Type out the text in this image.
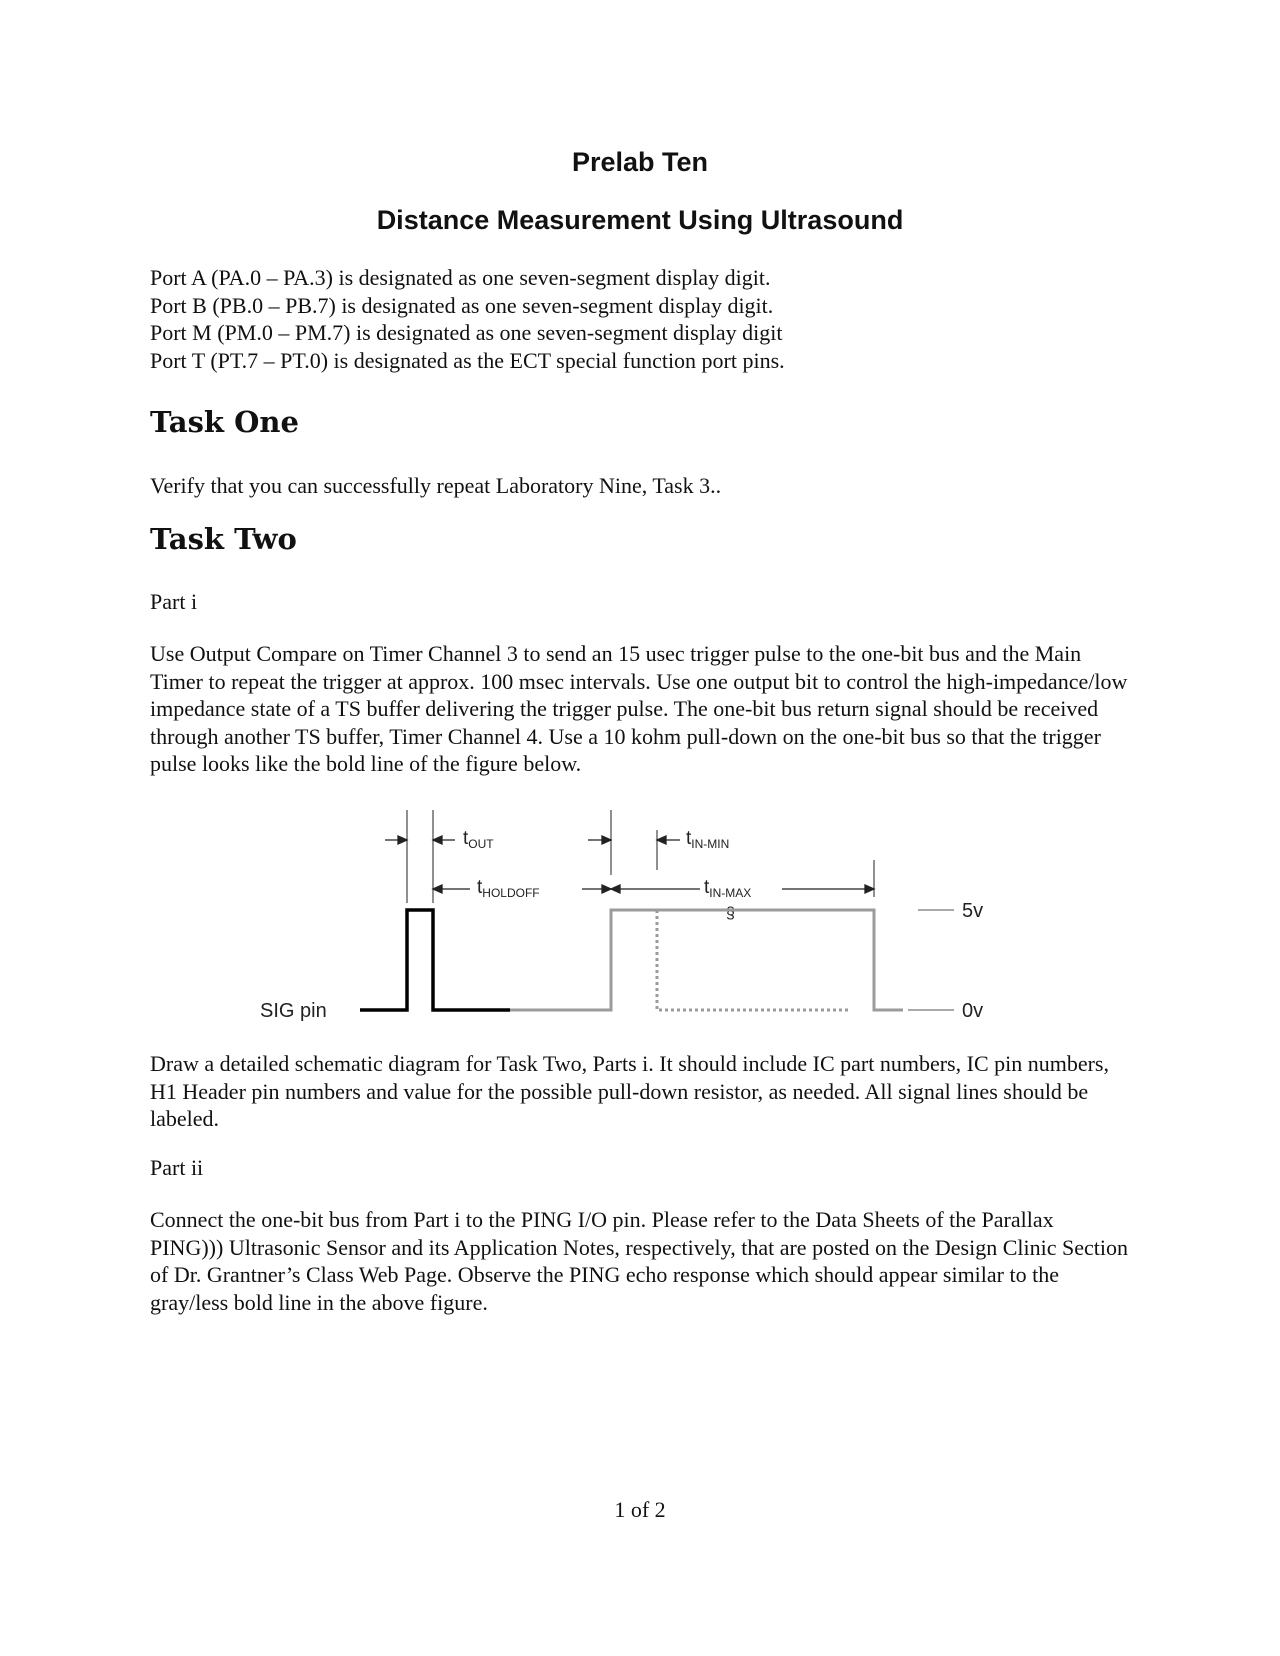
Prelab Ten
Distance Measurement Using Ultrasound
Port A (PA.0 – PA.3) is designated as one seven-segment display digit.
Port B (PB.0 – PB.7) is designated as one seven-segment display digit.
Port M (PM.0 – PM.7) is designated as one seven-segment display digit
Port T (PT.7 – PT.0) is designated as the ECT special function port pins.
Task One

Verify that you can successfully repeat Laboratory Nine, Task 3..

Task Two

Part i

Use Output Compare on Timer Channel 3 to send an 15 usec trigger pulse to the one-bit bus and the Main Timer to repeat the trigger at approx. 100 msec intervals. Use one output bit to control the high-impedance/low impedance state of a TS buffer delivering the trigger pulse. The one-bit bus return signal should be received through another TS buffer, Timer Channel 4. Use a 10 kohm pull-down on the one-bit bus so that the trigger pulse looks like the bold line of the figure below.

$t_{OUT}$	$t_{IN-MIN}$
$t_{HOLDOFF}$	$t_{IN-MAX}$
§
SIG pin
5v
0v

Draw a detailed schematic diagram for Task Two, Parts i. It should include IC part numbers, IC pin numbers, H1 Header pin numbers and value for the possible pull-down resistor, as needed. All signal lines should be labeled.

Part ii

Connect the one-bit bus from Part i to the PING I/O pin. Please refer to the Data Sheets of the Parallax PING))) Ultrasonic Sensor and its Application Notes, respectively, that are posted on the Design Clinic Section of Dr. Grantner’s Class Web Page. Observe the PING echo response which should appear similar to the gray/less bold line in the above figure.

1 of 2
